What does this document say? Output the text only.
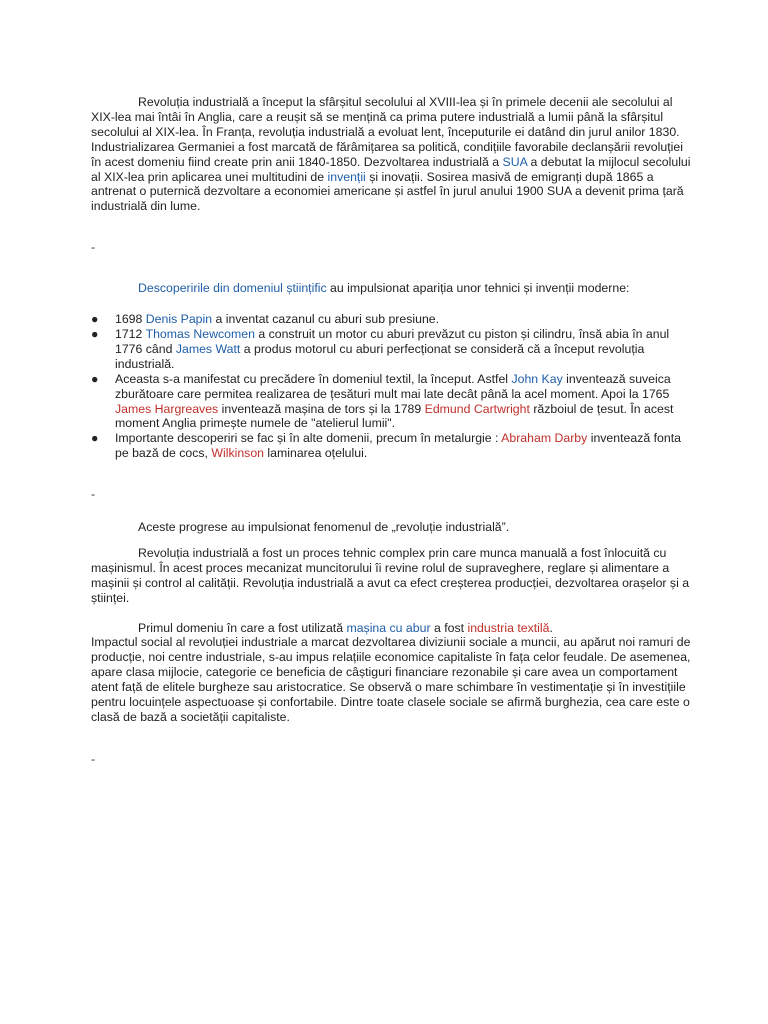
Revoluția industrială a început la sfârșitul secolului al XVIII-lea și în primele decenii ale secolului al XIX-lea mai întâi în Anglia, care a reușit să se mențină ca prima putere industrială a lumii până la sfârșitul secolului al XIX-lea. În Franța, revoluția industrială a evoluat lent, începuturile ei datând din jurul anilor 1830. Industrializarea Germaniei a fost marcată de fărâmițarea sa politică, condițiile favorabile declanșării revoluției în acest domeniu fiind create prin anii 1840-1850. Dezvoltarea industrială a SUA a debutat la mijlocul secolului al XIX-lea prin aplicarea unei multitudini de invenții și inovații. Sosirea masivă de emigranți după 1865 a antrenat o puternică dezvoltare a economiei americane și astfel în jurul anului 1900 SUA a devenit prima țară industrială din lume.

-

Descoperirile din domeniul științific au impulsionat apariția unor tehnici și invenții moderne:

● 1698 Denis Papin a inventat cazanul cu aburi sub presiune.
● 1712 Thomas Newcomen a construit un motor cu aburi prevăzut cu piston și cilindru, însă abia în anul 1776 când James Watt a produs motorul cu aburi perfecționat se consideră că a început revoluția industrială.
● Aceasta s-a manifestat cu precădere în domeniul textil, la început. Astfel John Kay inventează suveica zburătoare care permitea realizarea de țesături mult mai late decât până la acel moment. Apoi la 1765 James Hargreaves inventează mașina de tors și la 1789 Edmund Cartwright războiul de țesut. În acest moment Anglia primește numele de "atelierul lumii".
● Importante descoperiri se fac și în alte domenii, precum în metalurgie : Abraham Darby inventează fonta pe bază de cocs, Wilkinson laminarea oțelului.

-

Aceste progrese au impulsionat fenomenul de „revoluție industrială”.

Revoluția industrială a fost un proces tehnic complex prin care munca manuală a fost înlocuită cu mașinismul. În acest proces mecanizat muncitorului îi revine rolul de supraveghere, reglare și alimentare a mașinii și control al calității. Revoluția industrială a avut ca efect creșterea producției, dezvoltarea orașelor și a științei.

Primul domeniu în care a fost utilizată mașina cu abur a fost industria textilă.

Impactul social al revoluției industriale a marcat dezvoltarea diviziunii sociale a muncii, au apărut noi ramuri de producție, noi centre industriale, s-au impus relațiile economice capitaliste în fața celor feudale. De asemenea, apare clasa mijlocie, categorie ce beneficia de câștiguri financiare rezonabile și care avea un comportament atent față de elitele burgheze sau aristocratice. Se observă o mare schimbare în vestimentație și în investițiile pentru locuințele aspectuoase și confortabile. Dintre toate clasele sociale se afirmă burghezia, cea care este o clasă de bază a societății capitaliste.

-
